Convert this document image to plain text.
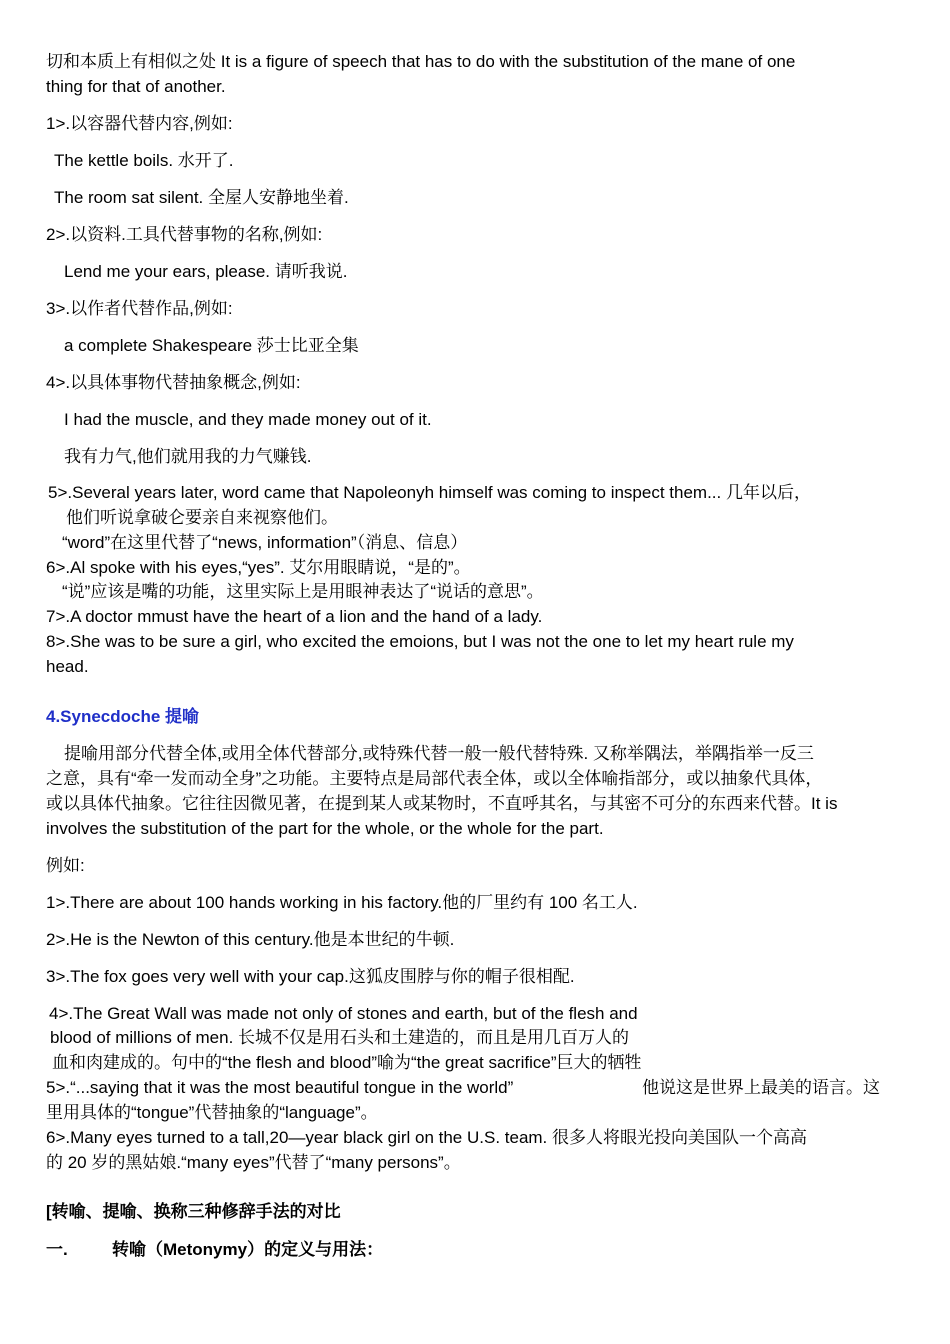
切和本质上有相似之处 It is a figure of speech that has to do with the substitution of the mane of one
thing for that of another.
1>.以容器代替内容,例如:
The kettle boils. 水开了.
The room sat silent. 全屋人安静地坐着.
2>.以资料.工具代替事物的名称,例如:
Lend me your ears, please. 请听我说.
3>.以作者代替作品,例如:
a complete Shakespeare 莎士比亚全集
4>.以具体事物代替抽象概念,例如:
I had the muscle, and they made money out of it.
我有力气,他们就用我的力气赚钱.
5>.Several years later, word came that Napoleonyh himself was coming to inspect them... 几年以后，
他们听说拿破仑要亲自来视察他们。
“word”在这里代替了“news, information”（消息、信息）
6>.Al spoke with his eyes,“yes”. 艾尔用眼睛说，“是的”。
“说”应该是嘴的功能，这里实际上是用眼神表达了“说话的意思”。
7>.A doctor mmust have the heart of a lion and the hand of a lady.
8>.She was to be sure a girl, who excited the emoions, but I was not the one to let my heart rule my
head.
4.Synecdoche 提喻
提喻用部分代替全体,或用全体代替部分,或特殊代替一般一般代替特殊. 又称举隅法，举隅指举一反三
之意，具有“牵一发而动全身”之功能。主要特点是局部代表全体，或以全体喻指部分，或以抽象代具体，
或以具体代抽象。它往往因微见著，在提到某人或某物时，不直呼其名，与其密不可分的东西来代替。It is
involves the substitution of the part for the whole, or the whole for the part.
例如:
1>.There are about 100 hands working in his factory.他的厂里约有 100 名工人.
2>.He is the Newton of this century.他是本世纪的牛顿.
3>.The fox goes very well with your cap.这狐皮围脖与你的帽子很相配.
4>.The Great Wall was made not only of stones and earth, but of the flesh and
blood of millions of men. 长城不仅是用石头和土建造的，而且是用几百万人的
血和肉建成的。句中的“the flesh and blood”喻为“the great sacrifice”巨大的牺牲
5>.“...saying that it was the most beautiful tongue in the world”	他说这是世界上最美的语言。这
里用具体的“tongue”代替抽象的“language”。
6>.Many eyes turned to a tall,20—year black girl on the U.S. team. 很多人将眼光投向美国队一个高高
的 20 岁的黑姑娘.“many eyes”代替了“many persons”。
[转喻、提喻、换称三种修辞手法的对比
一.	转喻（Metonymy）的定义与用法：
